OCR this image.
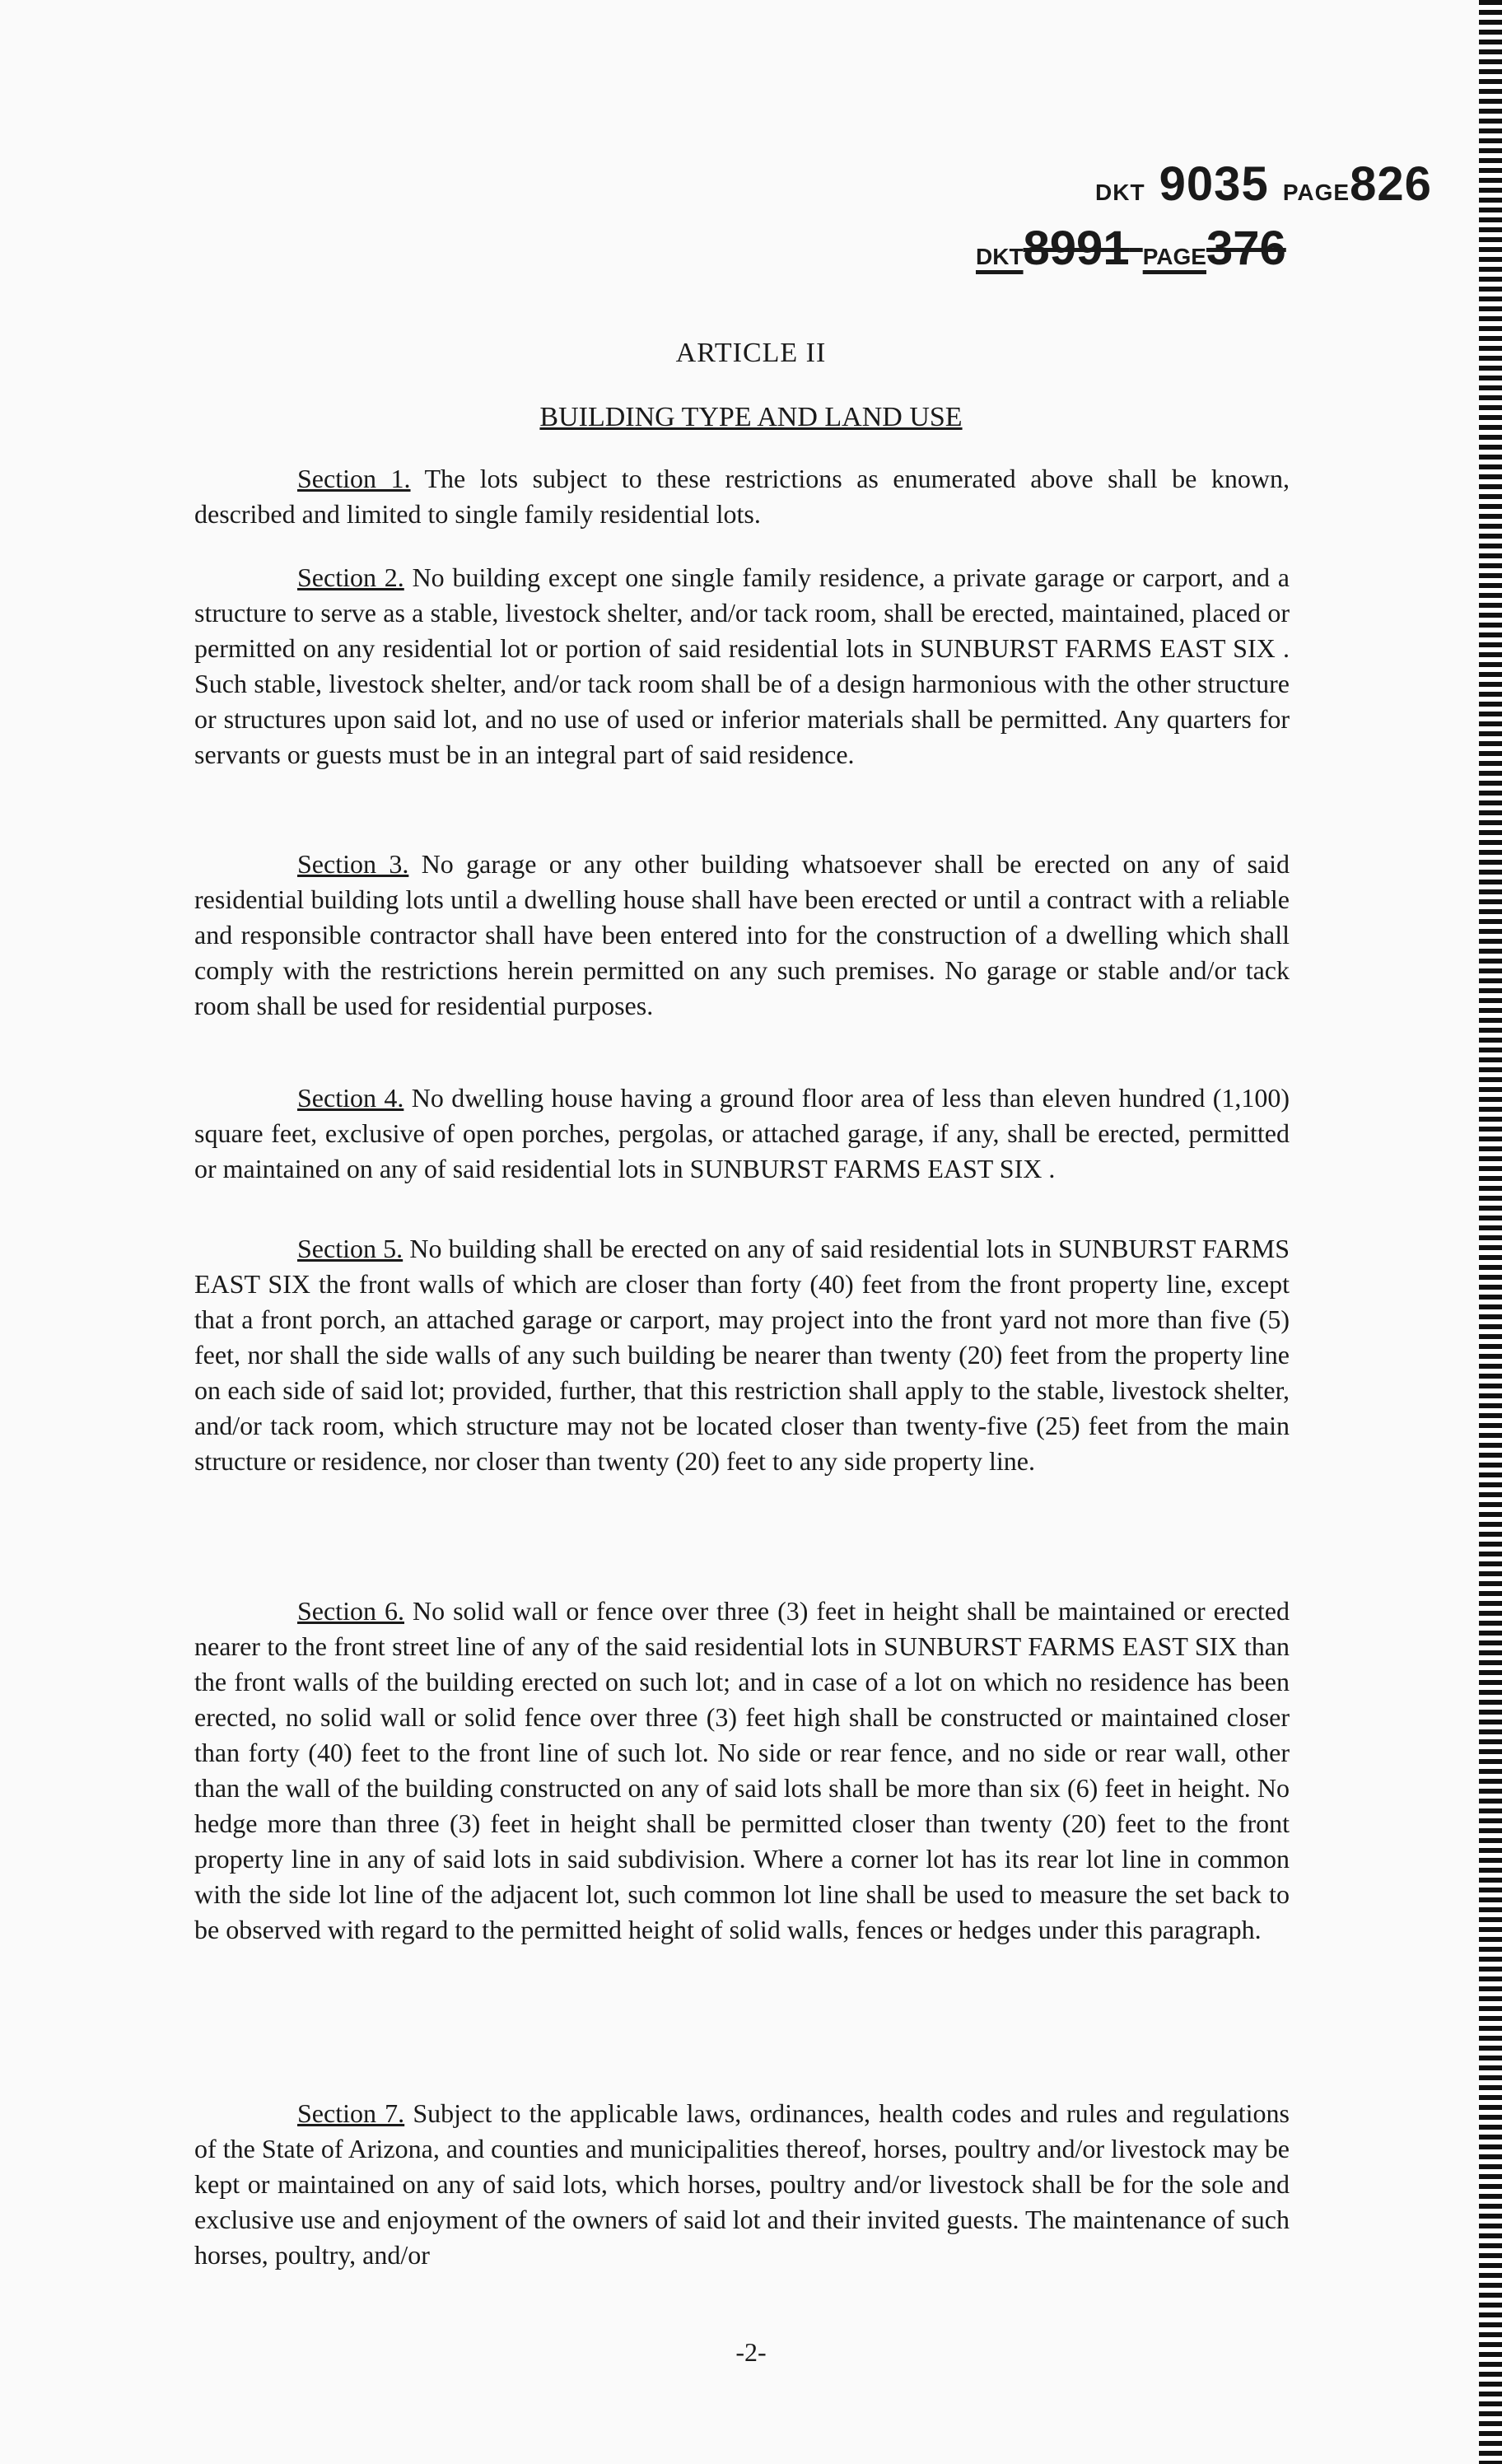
DKT 9035 PAGE826
DKT8991 PAGE376
ARTICLE II
BUILDING TYPE AND LAND USE

Section 1. The lots subject to these restrictions as enumerated above shall be known, described and limited to single family residential lots.

Section 2. No building except one single family residence, a private garage or carport, and a structure to serve as a stable, livestock shelter, and/or tack room, shall be erected, maintained, placed or permitted on any residential lot or portion of said residential lots in SUNBURST FARMS EAST SIX . Such stable, livestock shelter, and/or tack room shall be of a design harmonious with the other structure or structures upon said lot, and no use of used or inferior materials shall be permitted. Any quarters for servants or guests must be in an integral part of said residence.

Section 3. No garage or any other building whatsoever shall be erected on any of said residential building lots until a dwelling house shall have been erected or until a contract with a reliable and responsible contractor shall have been entered into for the construction of a dwelling which shall comply with the restrictions herein permitted on any such premises. No garage or stable and/or tack room shall be used for residential purposes.

Section 4. No dwelling house having a ground floor area of less than eleven hundred (1,100) square feet, exclusive of open porches, pergolas, or attached garage, if any, shall be erected, permitted or maintained on any of said residential lots in SUNBURST FARMS EAST SIX .

Section 5. No building shall be erected on any of said residential lots in SUNBURST FARMS EAST SIX the front walls of which are closer than forty (40) feet from the front property line, except that a front porch, an attached garage or carport, may project into the front yard not more than five (5) feet, nor shall the side walls of any such building be nearer than twenty (20) feet from the property line on each side of said lot; provided, further, that this restriction shall apply to the stable, livestock shelter, and/or tack room, which structure may not be located closer than twenty-five (25) feet from the main structure or residence, nor closer than twenty (20) feet to any side property line.

Section 6. No solid wall or fence over three (3) feet in height shall be maintained or erected nearer to the front street line of any of the said residential lots in SUNBURST FARMS EAST SIX than the front walls of the building erected on such lot; and in case of a lot on which no residence has been erected, no solid wall or solid fence over three (3) feet high shall be constructed or maintained closer than forty (40) feet to the front line of such lot. No side or rear fence, and no side or rear wall, other than the wall of the building constructed on any of said lots shall be more than six (6) feet in height. No hedge more than three (3) feet in height shall be permitted closer than twenty (20) feet to the front property line in any of said lots in said subdivision. Where a corner lot has its rear lot line in common with the side lot line of the adjacent lot, such common lot line shall be used to measure the set back to be observed with regard to the permitted height of solid walls, fences or hedges under this paragraph.

Section 7. Subject to the applicable laws, ordinances, health codes and rules and regulations of the State of Arizona, and counties and municipalities thereof, horses, poultry and/or livestock may be kept or maintained on any of said lots, which horses, poultry and/or livestock shall be for the sole and exclusive use and enjoyment of the owners of said lot and their invited guests. The maintenance of such horses, poultry, and/or

-2-
